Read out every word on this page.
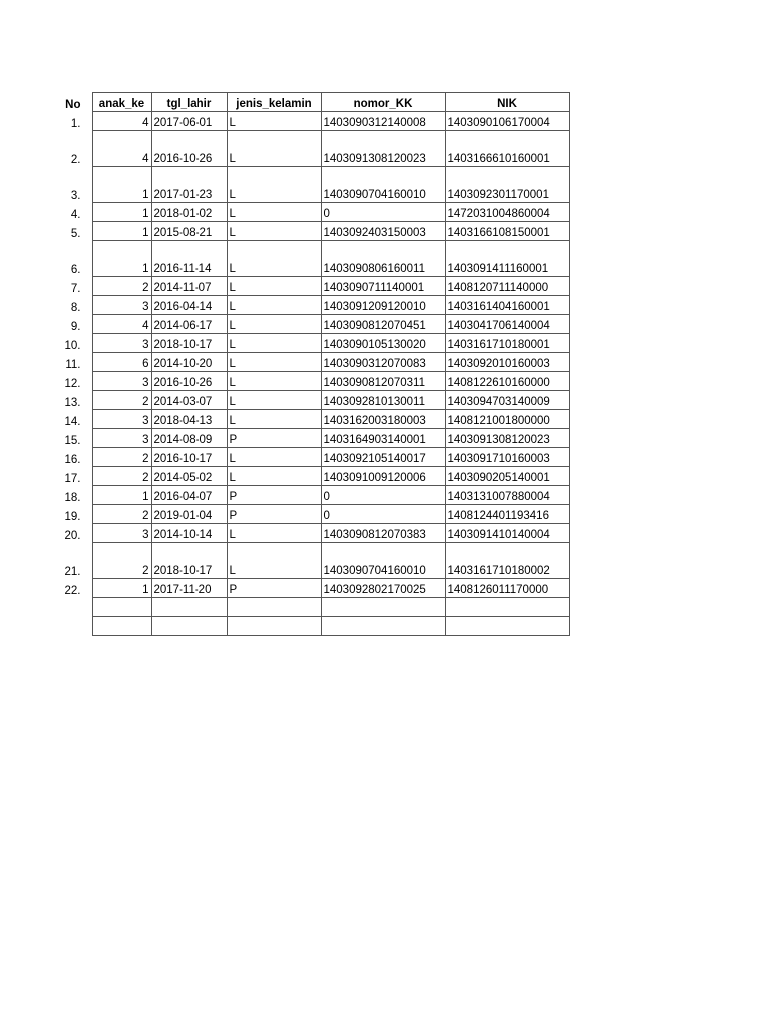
No	anak_ke	tgl_lahir	jenis_kelamin	nomor_KK	NIK
1.	4	2017-06-01	L	1403090312140008	1403090106170004
2.	4	2016-10-26	L	1403091308120023	1403166610160001
3.	1	2017-01-23	L	1403090704160010	1403092301170001
4.	1	2018-01-02	L	0	1472031004860004
5.	1	2015-08-21	L	1403092403150003	1403166108150001
6.	1	2016-11-14	L	1403090806160011	1403091411160001
7.	2	2014-11-07	L	1403090711140001	1408120711140000
8.	3	2016-04-14	L	1403091209120010	1403161404160001
9.	4	2014-06-17	L	1403090812070451	1403041706140004
10.	3	2018-10-17	L	1403090105130020	1403161710180001
11.	6	2014-10-20	L	1403090312070083	1403092010160003
12.	3	2016-10-26	L	1403090812070311	1408122610160000
13.	2	2014-03-07	L	1403092810130011	1403094703140009
14.	3	2018-04-13	L	1403162003180003	1408121001800000
15.	3	2014-08-09	P	1403164903140001	1403091308120023
16.	2	2016-10-17	L	1403092105140017	1403091710160003
17.	2	2014-05-02	L	1403091009120006	1403090205140001
18.	1	2016-04-07	P	0	1403131007880004
19.	2	2019-01-04	P	0	1408124401193416
20.	3	2014-10-14	L	1403090812070383	1403091410140004
21.	2	2018-10-17	L	1403090704160010	1403161710180002
22.	1	2017-11-20	P	1403092802170025	1408126011170000
